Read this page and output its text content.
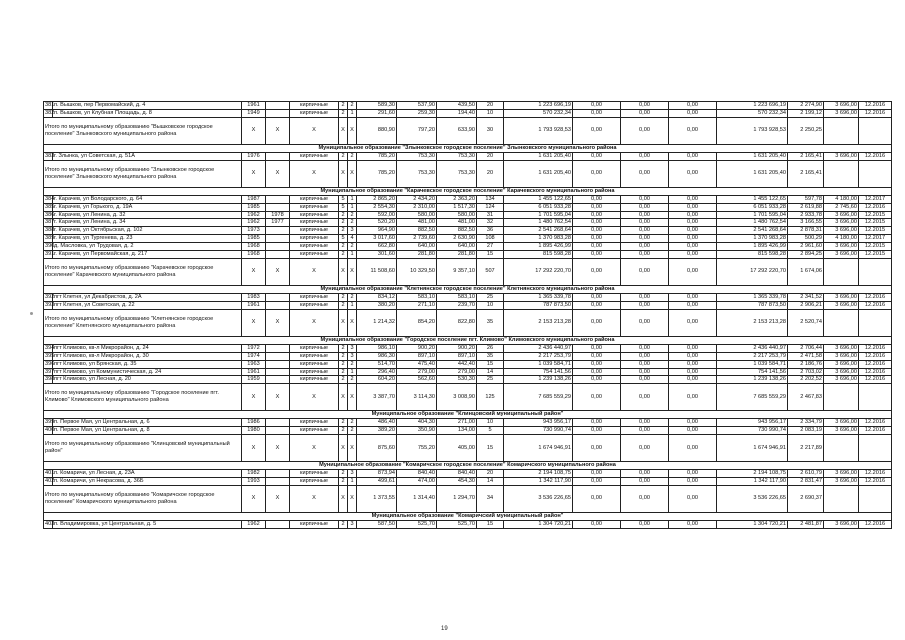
381	п. Вышков, пер Первомайский, д. 4	1961		кирпичные	2	2	589,30	537,90	439,50	20	1 223 696,19	0,00	0,00	0,00	1 223 696,19	2 274,90	3 696,00	12.2016
382	п. Вышков, ул Клубная Площадь, д. 8	1949		кирпичные	2	1	291,60	259,30	194,40	10	570 232,34	0,00	0,00	0,00	570 232,34	2 199,12	3 696,00	12.2016
Итого по муниципальному образованию "Вышковское городское поселение" Злынковского муниципального района		X	X	X	X	X	880,90	797,20	633,90	30	1 793 928,53	0,00	0,00	0,00	1 793 928,53	2 250,25		
Муниципальное образование "Злынковское городское поселение" Злынковского муниципального района																		
383	г. Злынка, ул Советская, д. 51А	1976		кирпичные	2	2	785,20	753,30	753,30	20	1 631 205,40	0,00	0,00	0,00	1 631 205,40	2 165,41	3 696,00	12.2016
Итого по муниципальному образованию "Злынковское городское поселение" Злынковского муниципального района		X	X	X	X	X	785,20	753,30	753,30	20	1 631 205,40	0,00	0,00	0,00	1 631 205,40	2 165,41		
Муниципальное образование "Карачевское городское поселение" Карачевского муниципального района																		
384	г. Карачев, ул Володарского, д. 64	1987		кирпичные	5	1	2 865,20	2 434,20	2 363,20	134	1 455 122,65	0,00	0,00	0,00	1 455 122,65	597,78	4 180,00	12.2017
385	г. Карачев, ул Горького, д. 19А	1985		кирпичные	5	1	2 554,30	2 310,00	1 517,30	124	6 051 933,28	0,00	0,00	0,00	6 051 933,28	2 619,88	2 745,60	12.2016
386	г. Карачев, ул Ленина, д. 32	1962	1978	кирпичные	2	2	592,00	580,00	580,00	31	1 701 595,04	0,00	0,00	0,00	1 701 595,04	2 933,78	3 696,00	12.2015
387	г. Карачев, ул Ленина, д. 34	1962	1977	кирпичные	2	2	520,20	481,00	481,00	32	1 480 762,54	0,00	0,00	0,00	1 480 762,54	3 166,55	3 696,00	12.2015
388	г. Карачев, ул Октябрьская, д. 102	1973		кирпичные	2	3	964,90	882,50	882,50	36	2 541 268,64	0,00	0,00	0,00	2 541 268,64	2 878,31	3 696,00	12.2015
389	г. Карачев, ул Тургенева, д. 23	1985		кирпичные	5	4	3 017,60	2 739,60	2 630,90	108	1 370 983,28	0,00	0,00	0,00	1 370 983,28	500,29	4 180,00	12.2017
390	д. Масловка, ул Трудовая, д. 2	1968		кирпичные	2	2	662,80	640,00	640,00	27	1 895 426,99	0,00	0,00	0,00	1 895 426,99	2 961,60	3 696,00	12.2015
391	г. Карачев, ул Первомайская, д. 217	1968		кирпичные	2	1	301,60	281,80	281,80	15	815 598,28	0,00	0,00	0,00	815 598,28	2 894,25	3 696,00	12.2015
Итого по муниципальному образованию "Карачевское городское поселение" Карачевского муниципального района		X	X	X	X	X	11 508,60	10 329,50	9 357,10	507	17 292 220,70	0,00	0,00	0,00	17 292 220,70	1 674,06		
Муниципальное образование "Клетнянское городское поселение" Клетнянского муниципального района																		
392	пгт Клетня, ул Декабристов, д. 2А	1983		кирпичные	2	2	834,12	583,10	583,10	25	1 365 339,78	0,00	0,00	0,00	1 365 339,78	2 341,52	3 696,00	12.2016
393	пгт Клетня, ул Советская, д. 22	1961		кирпичные	2	1	380,20	271,10	239,70	10	787 873,50	0,00	0,00	0,00	787 873,50	2 906,21	3 696,00	12.2016
Итого по муниципальному образованию "Клетнянское городское поселение" Клетнянского муниципального района		X	X	X	X	X	1 214,32	854,20	822,80	35	2 153 213,28	0,00	0,00	0,00	2 153 213,28	2 520,74		
Муниципальное образование "Городское поселение пгт. Климово" Климовского муниципального района																		
394	пгт Климово, кв-л Микрорайон, д. 24	1972		кирпичные	2	3	986,10	900,20	900,20	26	2 436 440,97	0,00	0,00	0,00	2 436 440,97	2 706,44	3 696,00	12.2016
395	пгт Климово, кв-л Микрорайон, д. 30	1974		кирпичные	2	3	986,30	897,10	897,10	35	2 217 253,79	0,00	0,00	0,00	2 217 253,79	2 471,58	3 696,00	12.2016
396	пгт Климово, ул Брянская, д. 35	1963		кирпичные	2	2	514,70	475,40	442,40	15	1 039 584,71	0,00	0,00	0,00	1 039 584,71	2 186,76	3 696,00	12.2016
397	пгт Климово, ул Коммунистическая, д. 24	1961		кирпичные	2	1	296,40	279,00	279,00	14	754 141,56	0,00	0,00	0,00	754 141,56	2 703,02	3 696,00	12.2016
398	пгт Климово, ул Лесная, д. 20	1959		кирпичные	2	2	604,20	562,60	530,30	25	1 239 138,26	0,00	0,00	0,00	1 239 138,26	2 202,52	3 696,00	12.2016
Итого по муниципальному образованию "Городское поселение пгт. Климово" Климовского муниципального района		X	X	X	X	X	3 387,70	3 114,30	3 008,90	125	7 685 559,29	0,00	0,00	0,00	7 685 559,29	2 467,83		
Муниципальное образование "Клинцовский муниципальный район"																		
399	п. Первое Мая, ул Центральная, д. 6	1986		кирпичные	2	2	486,40	404,30	271,00	10	943 956,17	0,00	0,00	0,00	943 956,17	2 334,79	3 696,00	12.2016
400	п. Первое Мая, ул Центральная, д. 8	1980		кирпичные	2	2	389,20	350,90	134,00	5	730 990,74	0,00	0,00	0,00	730 990,74	2 083,19	3 696,00	12.2016
Итого по муниципальному образованию "Клинцовский муниципальный район"		X	X	X	X	X	875,60	755,20	405,00	15	1 674 946,91	0,00	0,00	0,00	1 674 946,91	2 217,89		
Муниципальное образование "Комаричское городское поселение" Комаричского муниципального района																		
401	п. Комаричи, ул Лесная, д. 23А	1982		кирпичные	2	3	873,94	840,40	840,40	20	2 194 108,75	0,00	0,00	0,00	2 194 108,75	2 610,79	3 696,00	12.2016
402	п. Комаричи, ул Некрасова, д. 36Б	1993		кирпичные	2	1	499,61	474,00	454,30	14	1 342 117,90	0,00	0,00	0,00	1 342 117,90	2 831,47	3 696,00	12.2016
Итого по муниципальному образованию "Комаричское городское поселение" Комаричского муниципального района		X	X	X	X	X	1 373,55	1 314,40	1 294,70	34	3 536 226,65	0,00	0,00	0,00	3 536 226,65	2 690,37		
Муниципальное образование "Комаричский муниципальный район"																		
403	п. Владимировка, ул Центральная, д. 5	1962		кирпичные	2	3	587,50	525,70	525,70	15	1 304 720,21	0,00	0,00	0,00	1 304 720,21	2 481,87	3 696,00	12.2016
19
